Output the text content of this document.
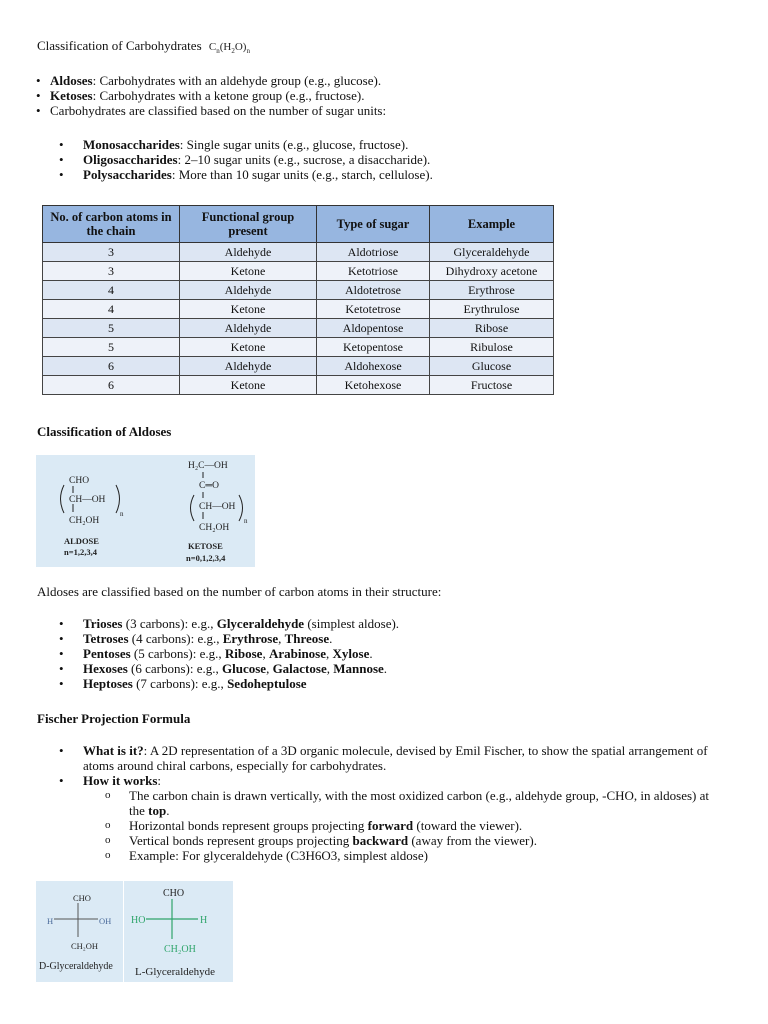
Classification of Carbohydrates $C_n(H_2O)_n$
• Aldoses: Carbohydrates with an aldehyde group (e.g., glucose).
• Ketoses: Carbohydrates with a ketone group (e.g., fructose).
• Carbohydrates are classified based on the number of sugar units:
• Monosaccharides: Single sugar units (e.g., glucose, fructose).
• Oligosaccharides: 2–10 sugar units (e.g., sucrose, a disaccharide).
• Polysaccharides: More than 10 sugar units (e.g., starch, cellulose).
No. of carbon atoms in the chain	Functional group present	Type of sugar	Example
3	Aldehyde	Aldotriose	Glyceraldehyde
3	Ketone	Ketotriose	Dihydroxy acetone
4	Aldehyde	Aldotetrose	Erythrose
4	Ketone	Ketotetrose	Erythrulose
5	Aldehyde	Aldopentose	Ribose
5	Ketone	Ketopentose	Ribulose
6	Aldehyde	Aldohexose	Glucose
6	Ketone	Ketohexose	Fructose
Classification of Aldoses
CHO
CH—OH
n
CH₂OH
ALDOSE
n=1,2,3,4
H₂C—OH
C═O
CH—OH
n
CH₂OH
KETOSE
n=0,1,2,3,4
Aldoses are classified based on the number of carbon atoms in their structure:
• Trioses (3 carbons): e.g., Glyceraldehyde (simplest aldose).
• Tetroses (4 carbons): e.g., Erythrose, Threose.
• Pentoses (5 carbons): e.g., Ribose, Arabinose, Xylose.
• Hexoses (6 carbons): e.g., Glucose, Galactose, Mannose.
• Heptoses (7 carbons): e.g., Sedoheptulose
Fischer Projection Formula
• What is it?: A 2D representation of a 3D organic molecule, devised by Emil Fischer, to show the spatial arrangement of atoms around chiral carbons, especially for carbohydrates.
• How it works:
o The carbon chain is drawn vertically, with the most oxidized carbon (e.g., aldehyde group, -CHO, in aldoses) at the top.
o Horizontal bonds represent groups projecting forward (toward the viewer).
o Vertical bonds represent groups projecting backward (away from the viewer).
o Example: For glyceraldehyde (C3H6O3, simplest aldose)
CHO
H	OH
CH₂OH
D-Glyceraldehyde
CHO
HO	H
CH₂OH
L-Glyceraldehyde
